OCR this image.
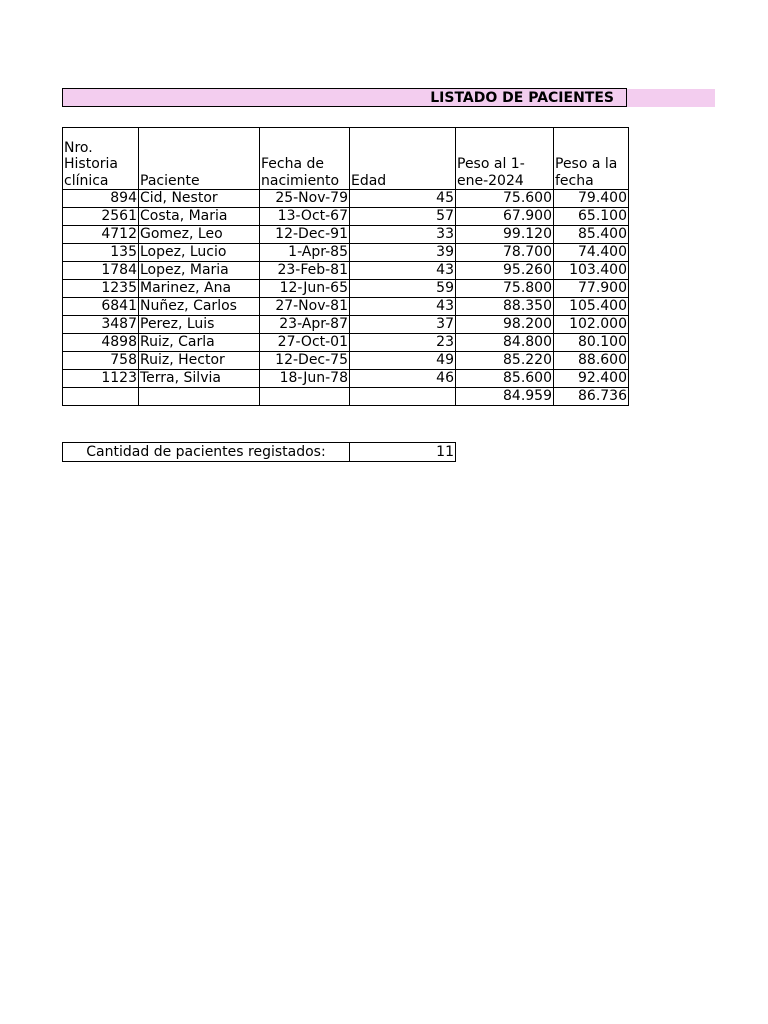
LISTADO DE PACIENTES
Nro. Historia clínica	Paciente	Fecha de nacimiento	Edad	Peso al 1-ene-2024	Peso a la fecha
894	Cid, Nestor	25-Nov-79	45	75.600	79.400
2561	Costa, Maria	13-Oct-67	57	67.900	65.100
4712	Gomez, Leo	12-Dec-91	33	99.120	85.400
135	Lopez, Lucio	1-Apr-85	39	78.700	74.400
1784	Lopez, Maria	23-Feb-81	43	95.260	103.400
1235	Marinez, Ana	12-Jun-65	59	75.800	77.900
6841	Nuñez, Carlos	27-Nov-81	43	88.350	105.400
3487	Perez, Luis	23-Apr-87	37	98.200	102.000
4898	Ruiz, Carla	27-Oct-01	23	84.800	80.100
758	Ruiz, Hector	12-Dec-75	49	85.220	88.600
1123	Terra, Silvia	18-Jun-78	46	85.600	92.400
				84.959	86.736
Cantidad de pacientes registados:	11
